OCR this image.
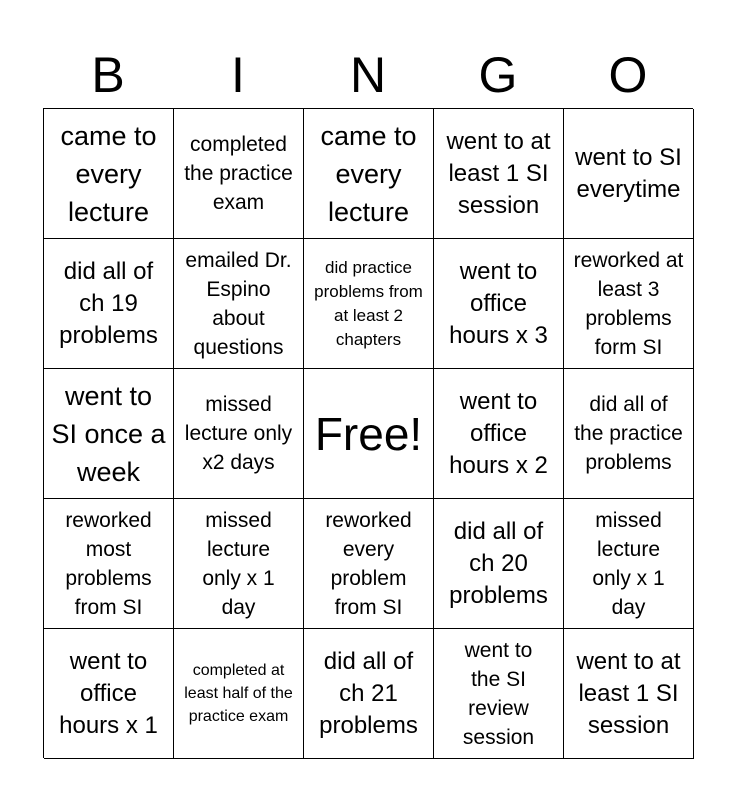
B	I	N	G	O
came to every lecture
completed the practice exam
came to every lecture
went to at least 1 SI session
went to SI everytime
did all of ch 19 problems
emailed Dr. Espino about questions
did practice problems from at least 2 chapters
went to office hours x 3
reworked at least 3 problems form SI
went to SI once a week
missed lecture only x2 days
Free!
went to office hours x 2
did all of the practice problems
reworked most problems from SI
missed lecture only x 1 day
reworked every problem from SI
did all of ch 20 problems
missed lecture only x 1 day
went to office hours x 1
completed at least half of the practice exam
did all of ch 21 problems
went to the SI review session
went to at least 1 SI session
